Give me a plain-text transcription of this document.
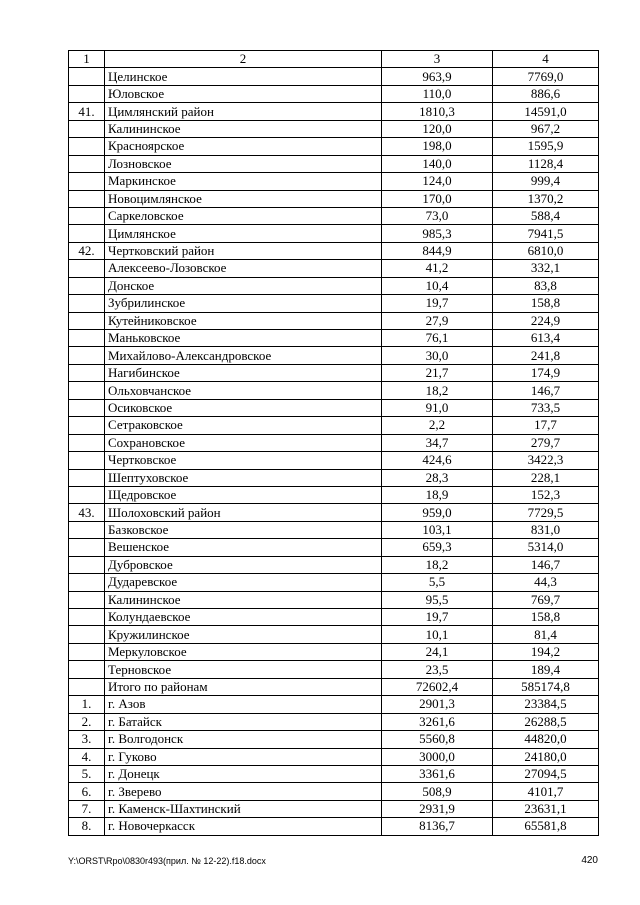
1	2	3	4
	Целинское	963,9	7769,0
	Юловское	110,0	886,6
41.	Цимлянский район	1810,3	14591,0
	Калининское	120,0	967,2
	Красноярское	198,0	1595,9
	Лозновское	140,0	1128,4
	Маркинское	124,0	999,4
	Новоцимлянское	170,0	1370,2
	Саркеловское	73,0	588,4
	Цимлянское	985,3	7941,5
42.	Чертковский район	844,9	6810,0
	Алексеево-Лозовское	41,2	332,1
	Донское	10,4	83,8
	Зубрилинское	19,7	158,8
	Кутейниковское	27,9	224,9
	Маньковское	76,1	613,4
	Михайлово-Александровское	30,0	241,8
	Нагибинское	21,7	174,9
	Ольховчанское	18,2	146,7
	Осиковское	91,0	733,5
	Сетраковское	2,2	17,7
	Сохрановское	34,7	279,7
	Чертковское	424,6	3422,3
	Шептуховское	28,3	228,1
	Щедровское	18,9	152,3
43.	Шолоховский район	959,0	7729,5
	Базковское	103,1	831,0
	Вешенское	659,3	5314,0
	Дубровское	18,2	146,7
	Дударевское	5,5	44,3
	Калининское	95,5	769,7
	Колундаевское	19,7	158,8
	Кружилинское	10,1	81,4
	Меркуловское	24,1	194,2
	Терновское	23,5	189,4
	Итого по районам	72602,4	585174,8
1.	г. Азов	2901,3	23384,5
2.	г. Батайск	3261,6	26288,5
3.	г. Волгодонск	5560,8	44820,0
4.	г. Гуково	3000,0	24180,0
5.	г. Донецк	3361,6	27094,5
6.	г. Зверево	508,9	4101,7
7.	г. Каменск-Шахтинский	2931,9	23631,1
8.	г. Новочеркасск	8136,7	65581,8
Y:\ORST\Rpo\0830r493(прил. № 12-22).f18.docx	420
